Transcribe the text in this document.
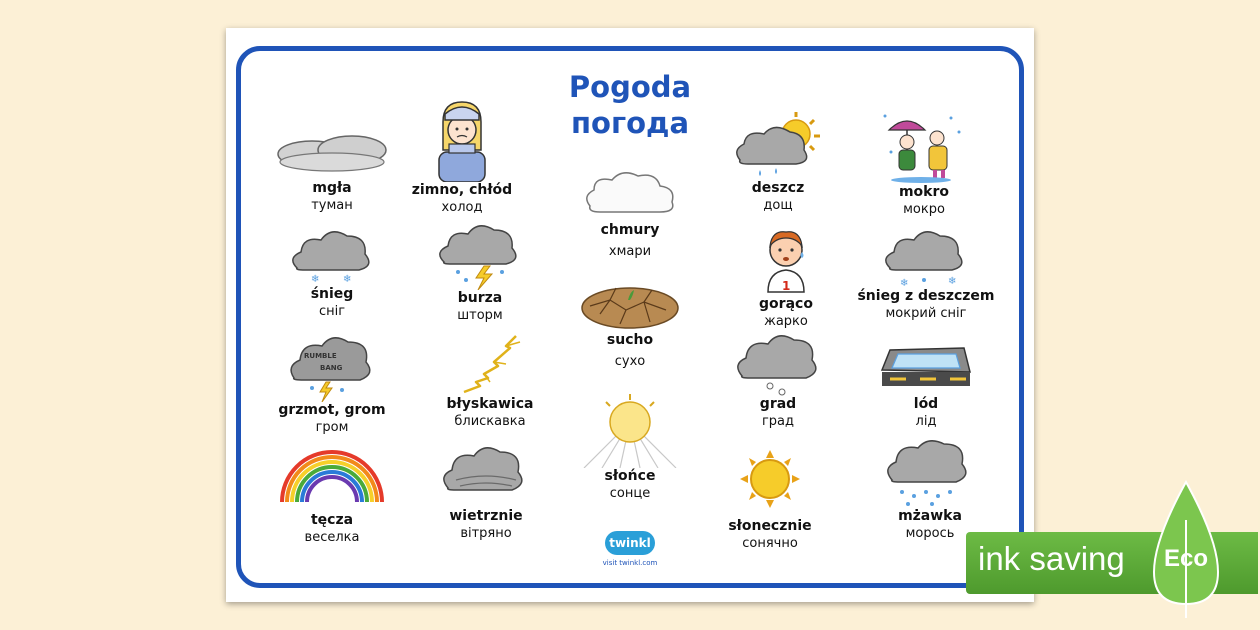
Pogoda
погода
mgła
туман
zimno, chłód
холод
chmury
хмари
deszcz
дощ
mokro
мокро
❄ ❄
śnieg
сніг
burza
шторм
sucho
сухо
1
gorąco
жарко
❄	❄
śnieg z deszczem
мокрий сніг
RUMBLE
BANG
grzmot, grom
гром
błyskawica
блискавка
grad
град
lód
лід
słońce
сонце
tęcza
веселка
wietrznie
вітряно	słonecznie
сонячно
mżawka
морось
twinkl
visit twinkl.com	ink saving Eco
